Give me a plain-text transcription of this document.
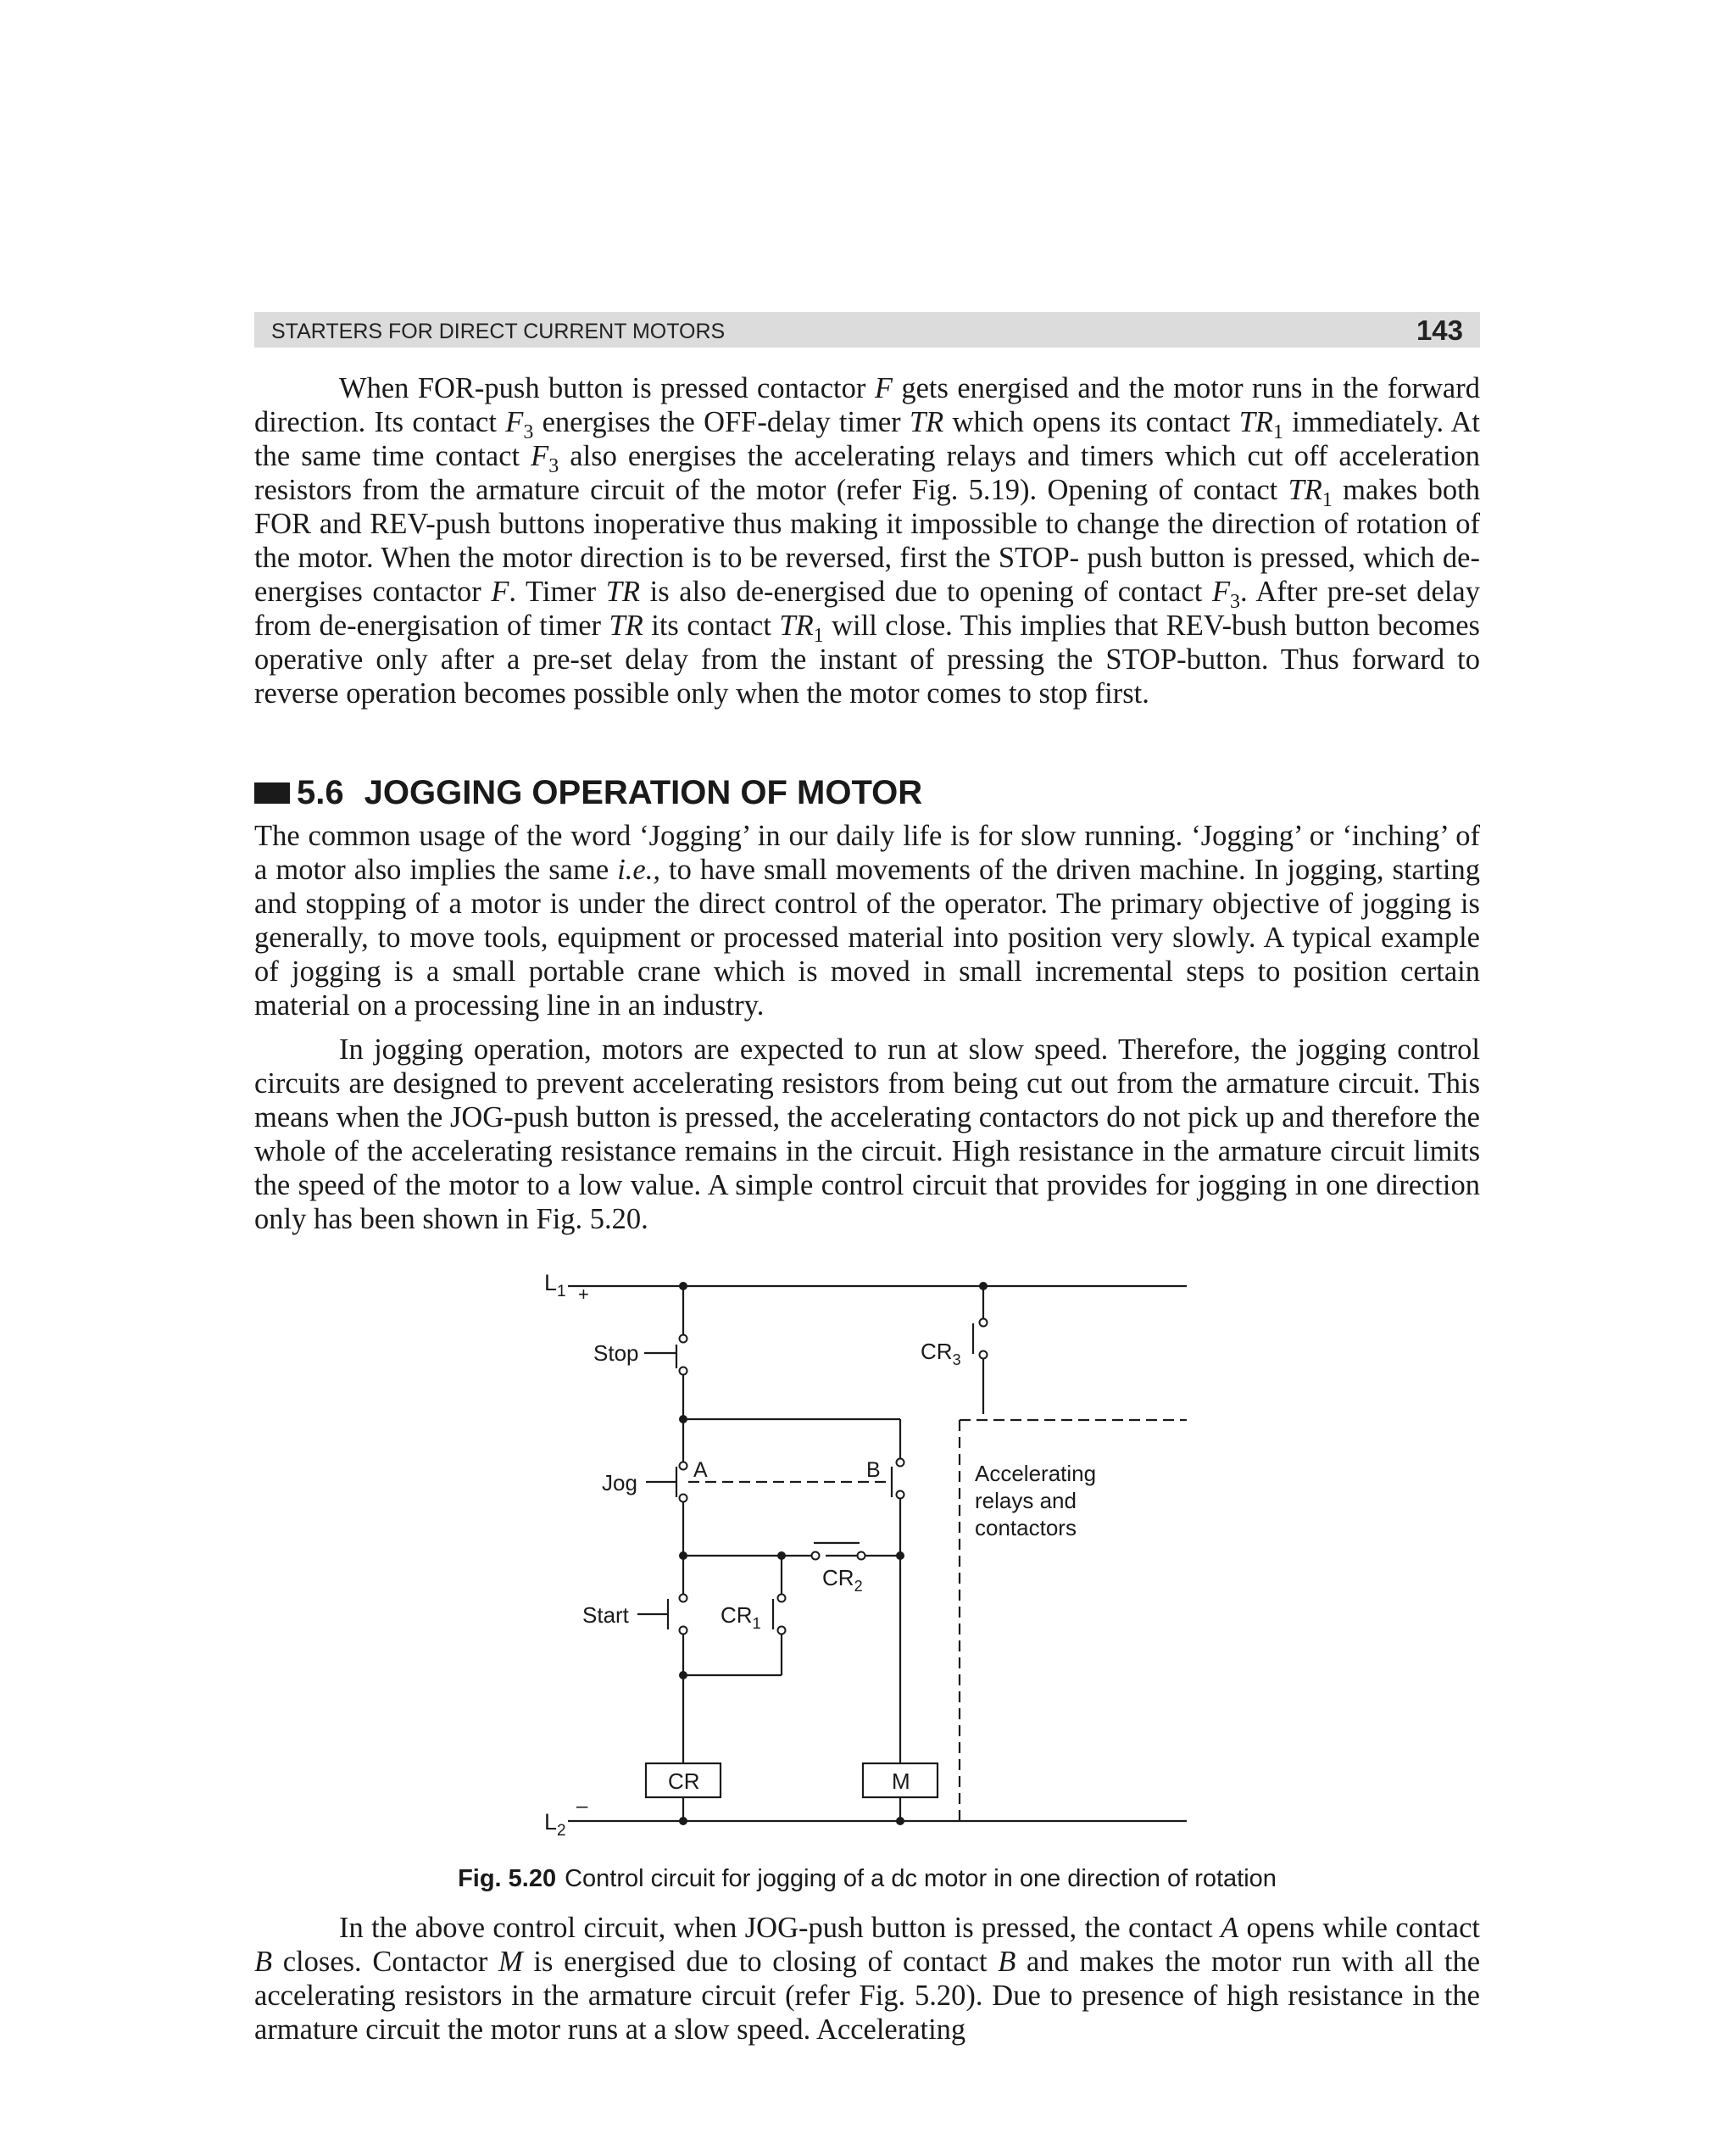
STARTERS FOR DIRECT CURRENT MOTORS	143

When FOR-push button is pressed contactor F gets energised and the motor runs in the forward direction. Its contact $F_3$ energises the OFF-delay timer TR which opens its contact $TR_1$ immediately. At the same time contact $F_3$ also energises the accelerating relays and timers which cut off acceleration resistors from the armature circuit of the motor (refer Fig. 5.19). Opening of contact $TR_1$ makes both FOR and REV-push buttons inoperative thus making it impossible to change the direction of rotation of the motor. When the motor direction is to be reversed, first the STOP- push button is pressed, which de-energises contactor F. Timer TR is also de-energised due to opening of contact $F_3$. After pre-set delay from de-energisation of timer TR its contact $TR_1$ will close. This implies that REV-bush button becomes operative only after a pre-set delay from the instant of pressing the STOP-button. Thus forward to reverse operation becomes possible only when the motor comes to stop first.

5.6 JOGGING OPERATION OF MOTOR

The common usage of the word ‘Jogging’ in our daily life is for slow running. ‘Jogging’ or ‘inching’ of a motor also implies the same i.e., to have small movements of the driven machine. In jogging, starting and stopping of a motor is under the direct control of the operator. The primary objective of jogging is generally, to move tools, equipment or processed material into position very slowly. A typical example of jogging is a small portable crane which is moved in small incremental steps to position certain material on a processing line in an industry.

In jogging operation, motors are expected to run at slow speed. Therefore, the jogging control circuits are designed to prevent accelerating resistors from being cut out from the armature circuit. This means when the JOG-push button is pressed, the accelerating contactors do not pick up and therefore the whole of the accelerating resistance remains in the circuit. High resistance in the armature circuit limits the speed of the motor to a low value. A simple control circuit that provides for jogging in one direction only has been shown in Fig. 5.20.

$L_1$ +
$L_2$
–
Stop
Jog
Start
A	B
$CR_1$
$CR_2$
$CR_3$
CR	M
Accelerating
relays and
contactors
Fig. 5.20 Control circuit for jogging of a dc motor in one direction of rotation

In the above control circuit, when JOG-push button is pressed, the contact A opens while contact B closes. Contactor M is energised due to closing of contact B and makes the motor run with all the accelerating resistors in the armature circuit (refer Fig. 5.20). Due to presence of high resistance in the armature circuit the motor runs at a slow speed. Accelerating
